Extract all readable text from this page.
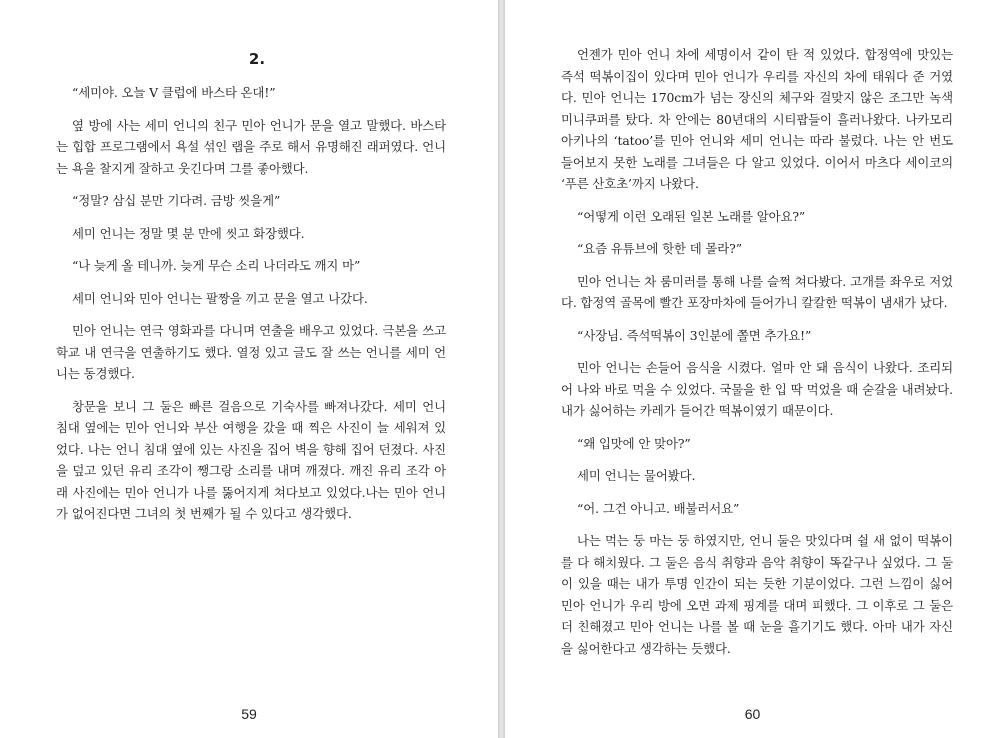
2.

“세미야. 오늘 V 클럽에 바스타 온대!”

옆 방에 사는 세미 언니의 친구 민아 언니가 문을 열고 말했다. 바스타는 힙합 프로그램에서 욕설 섞인 랩을 주로 해서 유명해진 래퍼였다. 언니는 욕을 찰지게 잘하고 웃긴다며 그를 좋아했다.

“정말? 삼십 분만 기다려. 금방 씻을게”

세미 언니는 정말 몇 분 만에 씻고 화장했다.

“나 늦게 올 테니까. 늦게 무슨 소리 나더라도 깨지 마”

세미 언니와 민아 언니는 팔짱을 끼고 문을 열고 나갔다.

민아 언니는 연극 영화과를 다니며 연출을 배우고 있었다. 극본을 쓰고 학교 내 연극을 연출하기도 했다. 열정 있고 글도 잘 쓰는 언니를 세미 언니는 동경했다.

창문을 보니 그 둘은 빠른 걸음으로 기숙사를 빠져나갔다. 세미 언니 침대 옆에는 민아 언니와 부산 여행을 갔을 때 찍은 사진이 늘 세워져 있었다. 나는 언니 침대 옆에 있는 사진을 집어 벽을 향해 집어 던졌다. 사진을 덮고 있던 유리 조각이 쨍그랑 소리를 내며 깨졌다. 깨진 유리 조각 아래 사진에는 민아 언니가 나를 뚫어지게 쳐다보고 있었다.나는 민아 언니가 없어진다면 그녀의 첫 번째가 될 수 있다고 생각했다.

59

언젠가 민아 언니 차에 세명이서 같이 탄 적 있었다. 합정역에 맛있는 즉석 떡볶이집이 있다며 민아 언니가 우리를 자신의 차에 태워다 준 거였다. 민아 언니는 170cm가 넘는 장신의 체구와 걸맞지 않은 조그만 녹색 미니쿠퍼를 탔다. 차 안에는 80년대의 시티팝들이 흘러나왔다. 나카모리 아키나의 ‘tatoo’를 민아 언니와 세미 언니는 따라 불렀다. 나는 안 번도 들어보지 못한 노래를 그녀들은 다 알고 있었다. 이어서 마츠다 세이코의 ‘푸른 산호초’까지 나왔다.

“어떻게 이런 오래된 일본 노래를 알아요?”

“요즘 유튜브에 핫한 데 몰라?”

민아 언니는 차 룸미러를 통해 나를 슬쩍 쳐다봤다. 고개를 좌우로 저었다. 합정역 골목에 빨간 포장마차에 들어가니 칼칼한 떡볶이 냄새가 났다.

“사장님. 즉석떡볶이 3인분에 쫄면 추가요!”

민아 언니는 손들어 음식을 시켰다. 얼마 안 돼 음식이 나왔다. 조리되어 나와 바로 먹을 수 있었다. 국물을 한 입 딱 먹었을 때 숟갈을 내려놨다. 내가 싫어하는 카레가 들어간 떡볶이였기 때문이다.

“왜 입맛에 안 맞아?”

세미 언니는 물어봤다.

“어. 그건 아니고. 배불러서요”

나는 먹는 둥 마는 둥 하였지만, 언니 둘은 맛있다며 쉴 새 없이 떡볶이를 다 해치웠다. 그 둘은 음식 취향과 음악 취향이 똑같구나 싶었다. 그 둘이 있을 때는 내가 투명 인간이 되는 듯한 기분이었다. 그런 느낌이 싫어 민아 언니가 우리 방에 오면 과제 핑계를 대며 피했다. 그 이후로 그 둘은 더 친해졌고 민아 언니는 나를 볼 때 눈을 흘기기도 했다. 아마 내가 자신을 싫어한다고 생각하는 듯했다.

60
